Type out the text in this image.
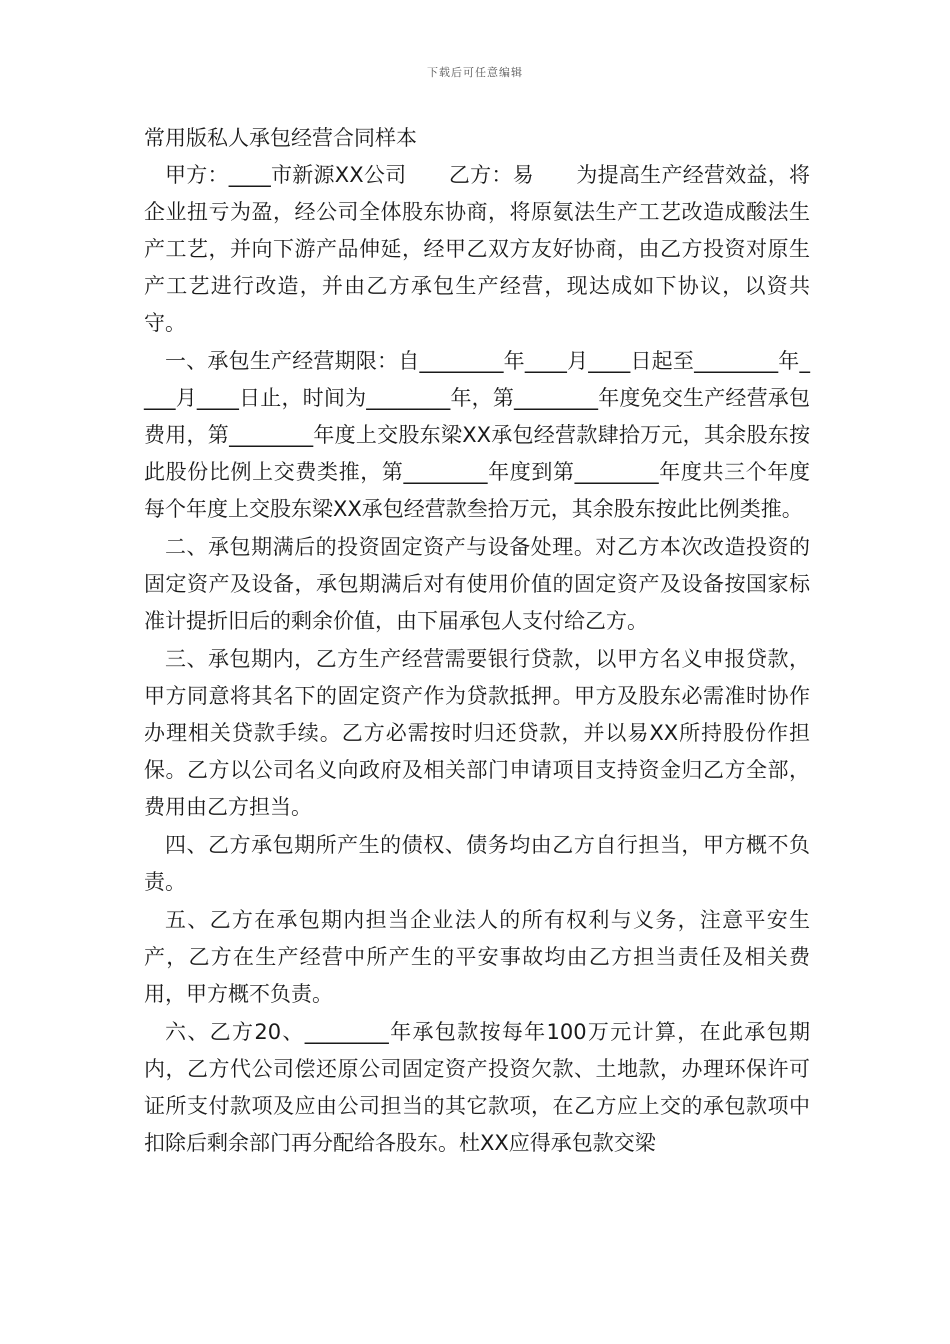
下载后可任意编辑
常用版私人承包经营合同样本

甲方：____市新源XX公司　　乙方：易　　为提高生产经营效益，将企业扭亏为盈，经公司全体股东协商，将原氨法生产工艺改造成酸法生产工艺，并向下游产品伸延，经甲乙双方友好协商，由乙方投资对原生产工艺进行改造，并由乙方承包生产经营，现达成如下协议，以资共守。

一、承包生产经营期限：自________年____月____日起至________年____月____日止，时间为________年，第________年度免交生产经营承包费用，第________年度上交股东梁XX承包经营款肆拾万元，其余股东按此股份比例上交费类推，第________年度到第________年度共三个年度每个年度上交股东梁XX承包经营款叁拾万元，其余股东按此比例类推。

二、承包期满后的投资固定资产与设备处理。对乙方本次改造投资的固定资产及设备，承包期满后对有使用价值的固定资产及设备按国家标准计提折旧后的剩余价值，由下届承包人支付给乙方。

三、承包期内，乙方生产经营需要银行贷款，以甲方名义申报贷款，甲方同意将其名下的固定资产作为贷款抵押。甲方及股东必需准时协作办理相关贷款手续。乙方必需按时归还贷款，并以易XX所持股份作担保。乙方以公司名义向政府及相关部门申请项目支持资金归乙方全部，费用由乙方担当。

四、乙方承包期所产生的债权、债务均由乙方自行担当，甲方概不负责。

五、乙方在承包期内担当企业法人的所有权利与义务，注意平安生产，乙方在生产经营中所产生的平安事故均由乙方担当责任及相关费用，甲方概不负责。

六、乙方20、________年承包款按每年100万元计算，在此承包期内，乙方代公司偿还原公司固定资产投资欠款、土地款，办理环保许可证所支付款项及应由公司担当的其它款项，在乙方应上交的承包款项中扣除后剩余部门再分配给各股东。杜XX应得承包款交梁
